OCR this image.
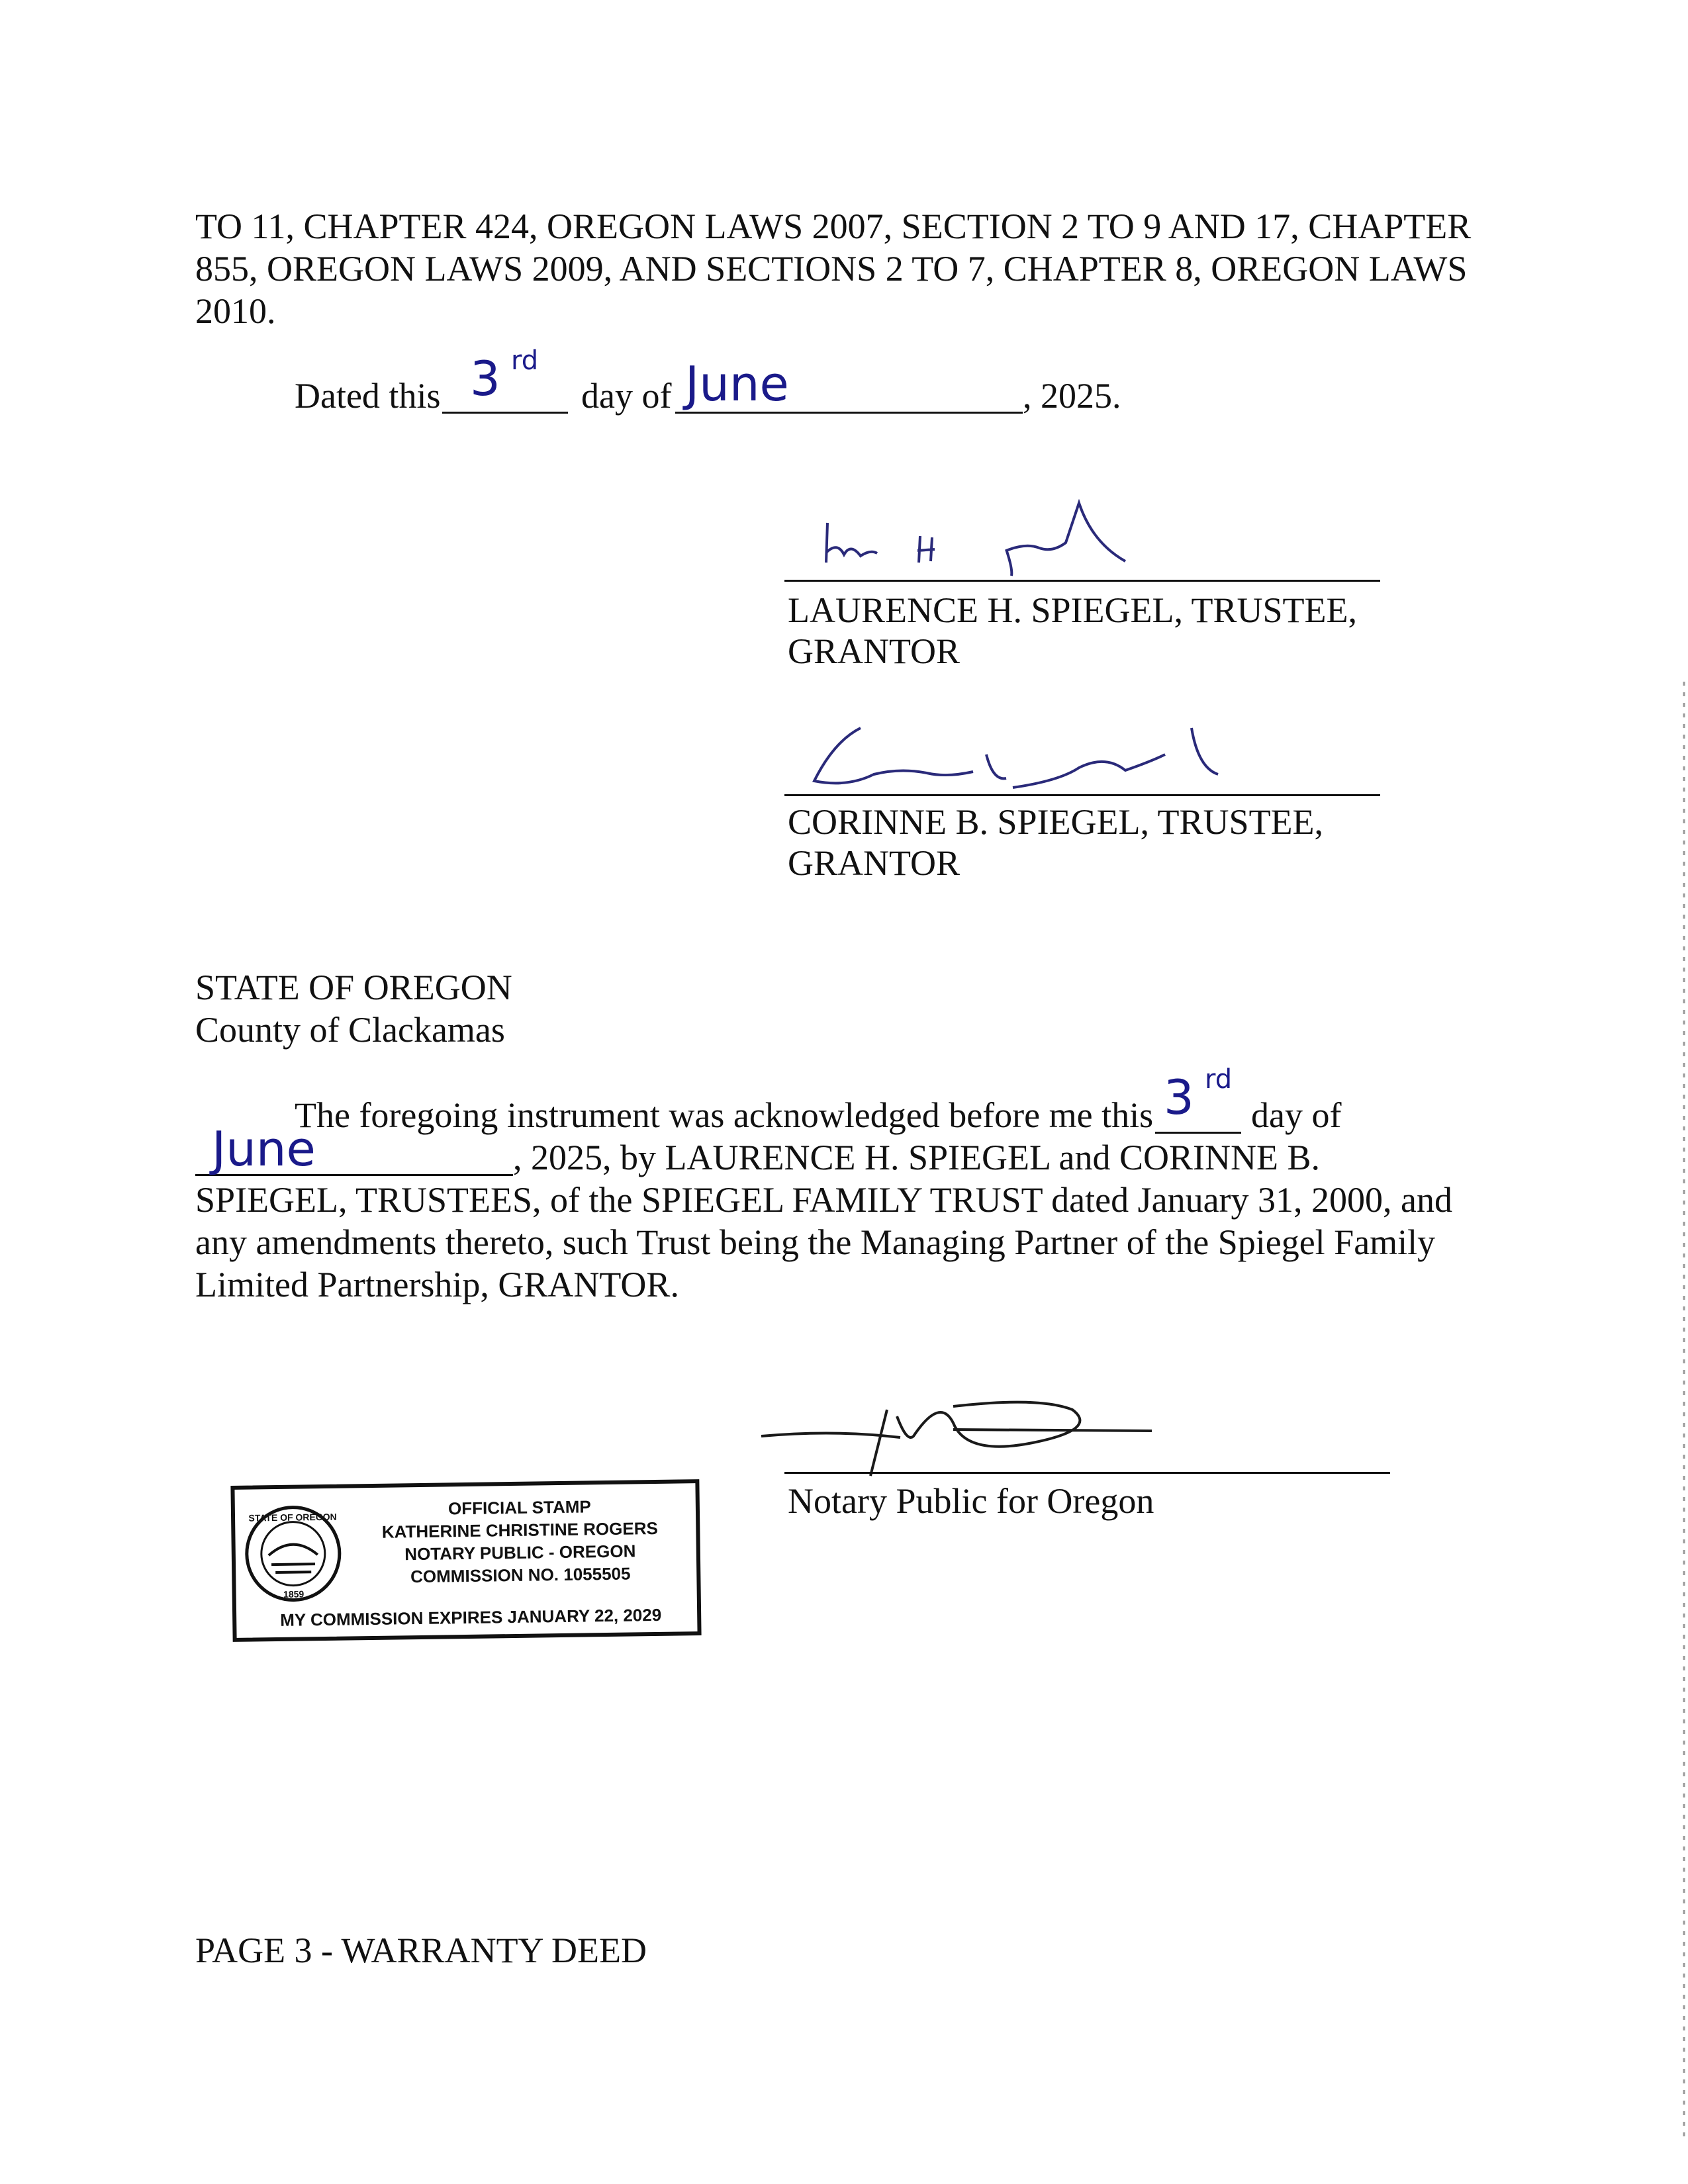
TO 11, CHAPTER 424, OREGON LAWS 2007, SECTION 2 TO 9 AND 17, CHAPTER
855, OREGON LAWS 2009, AND SECTIONS 2 TO 7, CHAPTER 8, OREGON LAWS
2010.
Dated this 3 rd
day of June	, 2025.
LAURENCE H. SPIEGEL, TRUSTEE,
GRANTOR
CORINNE B. SPIEGEL, TRUSTEE,
GRANTOR
STATE OF OREGON
County of Clackamas
The foregoing instrument was acknowledged before me this 3 rd
day of
June	, 2025, by LAURENCE H. SPIEGEL and CORINNE B.
SPIEGEL, TRUSTEES, of the SPIEGEL FAMILY TRUST dated January 31, 2000, and
any amendments thereto, such Trust being the Managing Partner of the Spiegel Family
Limited Partnership, GRANTOR.
Notary Public for Oregon
STATE OF OREGON
1859
OFFICIAL STAMP
KATHERINE CHRISTINE ROGERS
NOTARY PUBLIC - OREGON
COMMISSION NO. 1055505
MY COMMISSION EXPIRES JANUARY 22, 2029
PAGE 3 - WARRANTY DEED
